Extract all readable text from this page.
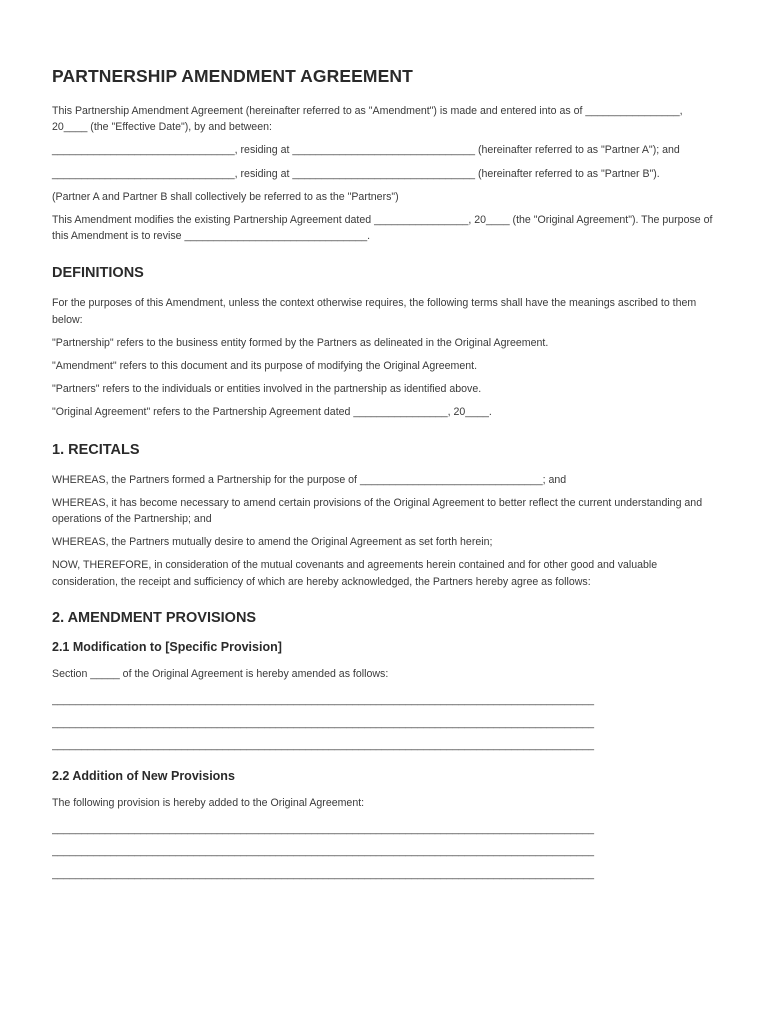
PARTNERSHIP AMENDMENT AGREEMENT

This Partnership Amendment Agreement (hereinafter referred to as "Amendment") is made and entered into as of ________________, 20____ (the "Effective Date"), by and between:

_______________________________, residing at _______________________________ (hereinafter referred to as "Partner A"); and

_______________________________, residing at _______________________________ (hereinafter referred to as "Partner B").

(Partner A and Partner B shall collectively be referred to as the "Partners")

This Amendment modifies the existing Partnership Agreement dated ________________, 20____ (the "Original Agreement"). The purpose of this Amendment is to revise _______________________________.

DEFINITIONS

For the purposes of this Amendment, unless the context otherwise requires, the following terms shall have the meanings ascribed to them below:

"Partnership" refers to the business entity formed by the Partners as delineated in the Original Agreement.

"Amendment" refers to this document and its purpose of modifying the Original Agreement.

"Partners" refers to the individuals or entities involved in the partnership as identified above.

"Original Agreement" refers to the Partnership Agreement dated ________________, 20____.

1. RECITALS

WHEREAS, the Partners formed a Partnership for the purpose of _______________________________; and

WHEREAS, it has become necessary to amend certain provisions of the Original Agreement to better reflect the current understanding and operations of the Partnership; and

WHEREAS, the Partners mutually desire to amend the Original Agreement as set forth herein;

NOW, THEREFORE, in consideration of the mutual covenants and agreements herein contained and for other good and valuable consideration, the receipt and sufficiency of which are hereby acknowledged, the Partners hereby agree as follows:

2. AMENDMENT PROVISIONS
2.1 Modification to [Specific Provision]

Section _____ of the Original Agreement is hereby amended as follows:

____________________________________________________________________________________________
____________________________________________________________________________________________
____________________________________________________________________________________________
2.2 Addition of New Provisions

The following provision is hereby added to the Original Agreement:

____________________________________________________________________________________________
____________________________________________________________________________________________
____________________________________________________________________________________________
